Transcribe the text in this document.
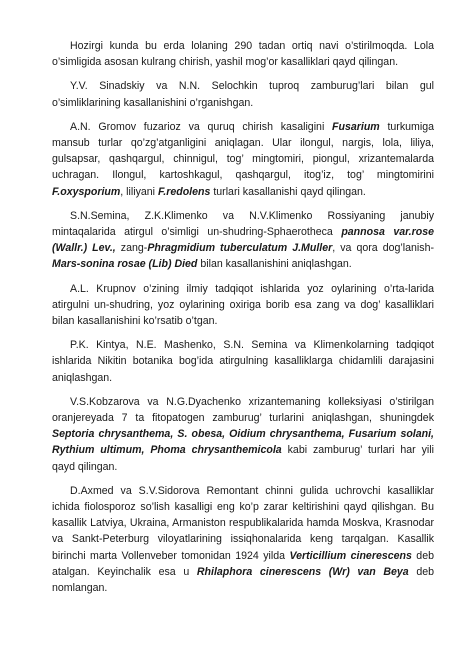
Hozirgi kunda bu erda lolaning 290 tadan ortiq navi o’stirilmoqda. Lola o’simligida asosan kulrang chirish, yashil mog’or kasalliklari qayd qilingan.

Y.V. Sinadskiy va N.N. Selochkin tuproq zamburug’lari bilan gul o’simliklarining kasallanishini o’rganishgan.

A.N. Gromov fuzarioz va quruq chirish kasaligini Fusarium turkumiga mansub turlar qo’zg’atganligini aniqlagan. Ular ilongul, nargis, lola, liliya, gulsapsar, qashqargul, chinnigul, tog’ mingtomiri, piongul, xrizantemalarda uchragan. Ilongul, kartoshkagul, qashqargul, itog’iz, tog’ mingtomirini F.oxysporium, liliyani F.redolens turlari kasallanishi qayd qilingan.

S.N.Semina, Z.K.Klimenko va N.V.Klimenko Rossiyaning janubiy mintaqalarida atirgul o’simligi un-shudring-Sphaerotheca pannosa var.rose (Wallr.) Lev., zang-Phragmidium tuberculatum J.Muller, va qora dog’lanish- Mars-sonina rosae (Lib) Died bilan kasallanishini aniqlashgan.

A.L. Krupnov o’zining ilmiy tadqiqot ishlarida yoz oylarining o’rta-larida atirgulni un-shudring, yoz oylarining oxiriga borib esa zang va dog’ kasalliklari bilan kasallanishini ko’rsatib o’tgan.

P.K. Kintya, N.E. Mashenko, S.N. Semina va Klimenkolarning tadqiqot ishlarida Nikitin botanika bog’ida atirgulning kasalliklarga chidamlili darajasini aniqlashgan.

V.S.Kobzarova va N.G.Dyachenko xrizantemaning kolleksiyasi o’stirilgan oranjereyada 7 ta fitopatogen zamburug’ turlarini aniqlashgan, shuningdek Septoria chrysanthema, S. obesa, Oidium chrysanthema, Fusarium solani, Rythium ultimum, Phoma chrysanthemicola kabi zamburug’ turlari har yili qayd qilingan.

D.Axmed va S.V.Sidorova Remontant chinni gulida uchrovchi kasalliklar ichida fiolosporoz so’lish kasalligi eng ko’p zarar keltirishini qayd qilishgan. Bu kasallik Latviya, Ukraina, Armaniston respublikalarida hamda Moskva, Krasnodar va Sankt-Peterburg viloyatlarining issiqhonalarida keng tarqalgan. Kasallik birinchi marta Vollenveber tomonidan 1924 yilda Verticillium cinerescens deb atalgan. Keyinchalik esa u Rhilaphora cinerescens (Wr) van Beya deb nomlangan.
